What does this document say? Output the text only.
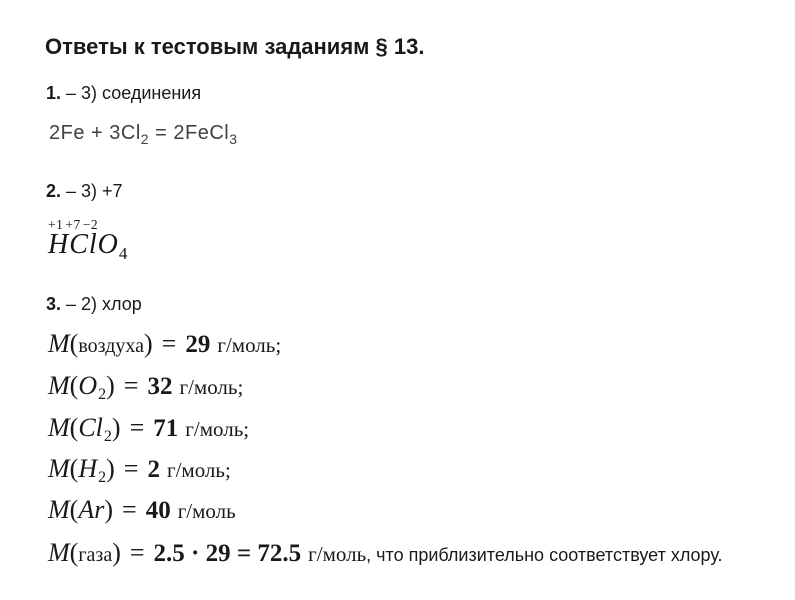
Ответы к тестовым заданиям § 13.
1. – 3) соединения
$2Fe + 3Cl_2$ = 2FeCl$_3$
2. – 3) +7
+1 +7 −2
HClO$_4$
3. – 2) хлор
M(воздуха) = 29 г/моль;
$M(O_2) = 32$ г/моль;
$M(Cl_2) = 71$ г/моль;
$M(H_2) = 2$ г/моль;
M(Ar) = 40 г/моль
M(газа) = 2.5 · 29 = 72.5 г/моль, что приблизительно соответствует хлору.
